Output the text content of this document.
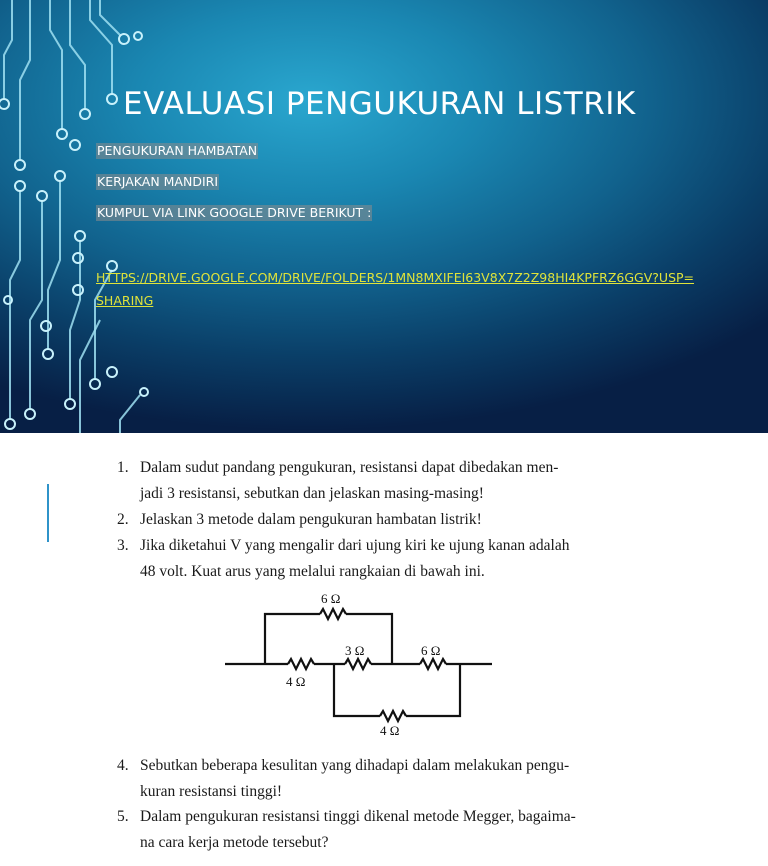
EVALUASI PENGUKURAN LISTRIK

PENGUKURAN HAMBATAN

KERJAKAN MANDIRI

KUMPUL VIA LINK GOOGLE DRIVE BERIKUT :

HTTPS://DRIVE.GOOGLE.COM/DRIVE/FOLDERS/1MN8MXIFEI63V8X7Z2Z98HI4KPFRZ6GGV?USP=SHARING
1. Dalam sudut pandang pengukuran, resistansi dapat dibedakan men-
jadi 3 resistansi, sebutkan dan jelaskan masing-masing!
2. Jelaskan 3 metode dalam pengukuran hambatan listrik!
3. Jika diketahui V yang mengalir dari ujung kiri ke ujung kanan adalah
48 volt. Kuat arus yang melalui rangkaian di bawah ini.
6 Ω
4 Ω
3 Ω	6 Ω
4 Ω
4. Sebutkan beberapa kesulitan yang dihadapi dalam melakukan pengu-
kuran resistansi tinggi!
5. Dalam pengukuran resistansi tinggi dikenal metode Megger, bagaima-
na cara kerja metode tersebut?
